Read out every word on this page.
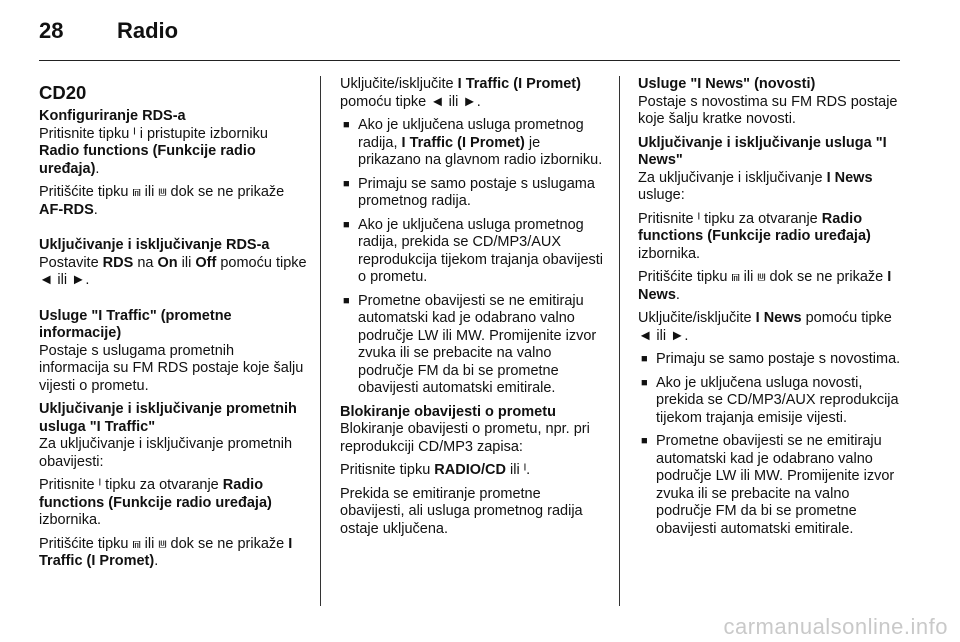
28 Radio
CD20
Konfiguriranje RDS-a

Pritisnite tipku ᴵ i pristupite izborniku Radio functions (Funkcije radio uređaja).

Pritišćite tipku ⩎ ili ⩏ dok se ne prikaže AF-RDS.

Uključivanje i isključivanje RDS-a

Postavite RDS na On ili Off pomoću tipke ◄ ili ►.

Usluge "I Traffic" (prometne informacije)

Postaje s uslugama prometnih informacija su FM RDS postaje koje šalju vijesti o prometu.

Uključivanje i isključivanje prometnih usluga "I Traffic"

Za uključivanje i isključivanje prometnih obavijesti:

Pritisnite ᴵ tipku za otvaranje Radio functions (Funkcije radio uređaja) izbornika.

Pritišćite tipku ⩎ ili ⩏ dok se ne prikaže I Traffic (I Promet).

Uključite/isključite I Traffic (I Promet) pomoću tipke ◄ ili ►.

■ Ako je uključena usluga prometnog radija, I Traffic (I Promet) je prikazano na glavnom radio izborniku.
■ Primaju se samo postaje s uslugama prometnog radija.
■ Ako je uključena usluga prometnog radija, prekida se CD/MP3/AUX reprodukcija tijekom trajanja obavijesti o prometu.
■ Prometne obavijesti se ne emitiraju automatski kad je odabrano valno područje LW ili MW. Promijenite izvor zvuka ili se prebacite na valno područje FM da bi se prometne obavijesti automatski emitirale.
Blokiranje obavijesti o prometu

Blokiranje obavijesti o prometu, npr. pri reprodukciji CD/MP3 zapisa:

Pritisnite tipku RADIO/CD ili ᴵ.

Prekida se emitiranje prometne obavijesti, ali usluga prometnog radija ostaje uključena.

Usluge "I News" (novosti)

Postaje s novostima su FM RDS postaje koje šalju kratke novosti.

Uključivanje i isključivanje usluga "I News"

Za uključivanje i isključivanje I News usluge:

Pritisnite ᴵ tipku za otvaranje Radio functions (Funkcije radio uređaja) izbornika.

Pritišćite tipku ⩎ ili ⩏ dok se ne prikaže I News.

Uključite/isključite I News pomoću tipke ◄ ili ►.

■ Primaju se samo postaje s novostima.
■ Ako je uključena usluga novosti, prekida se CD/MP3/AUX reprodukcija tijekom trajanja emisije vijesti.
■ Prometne obavijesti se ne emitiraju automatski kad je odabrano valno područje LW ili MW. Promijenite izvor zvuka ili se prebacite na valno područje FM da bi se prometne obavijesti automatski emitirale.
carmanualsonline.info
